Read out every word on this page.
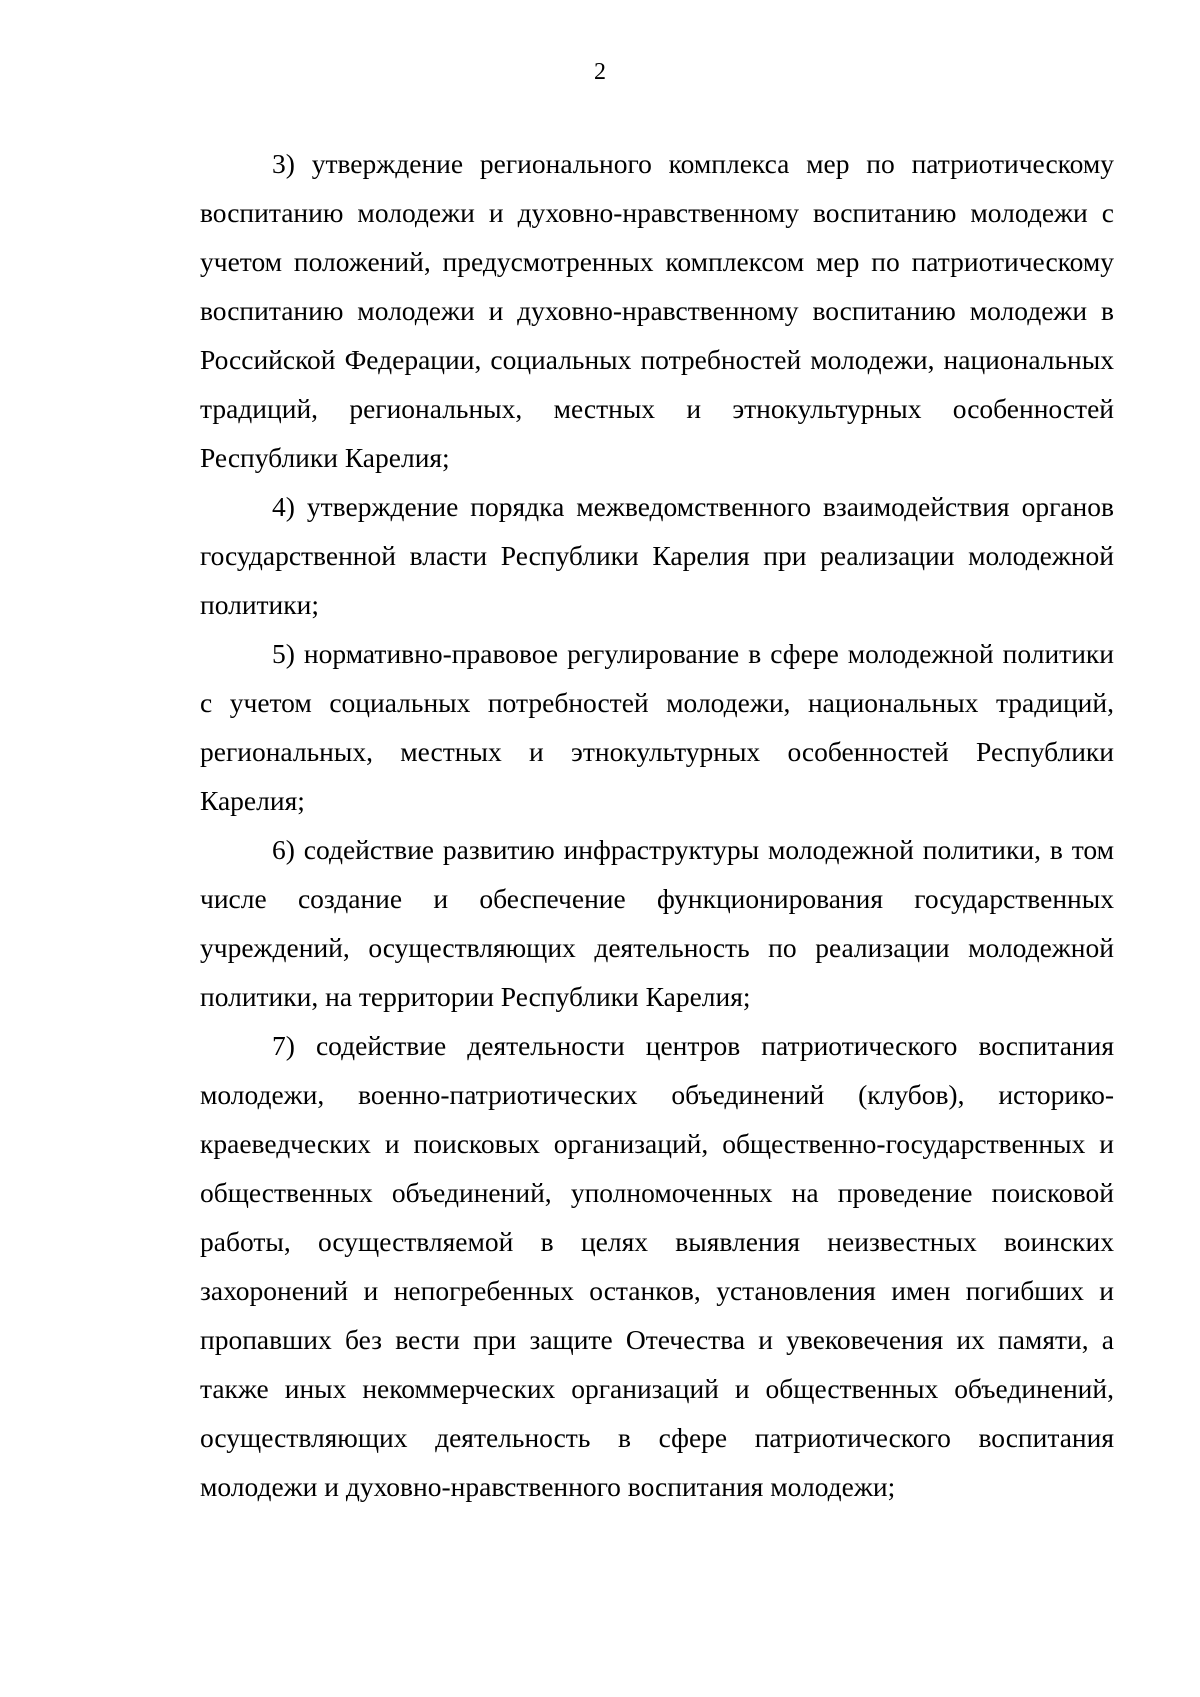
2

3) утверждение регионального комплекса мер по патриотическому воспитанию молодежи и духовно-нравственному воспитанию молодежи с учетом положений, предусмотренных комплексом мер по патриотическому воспитанию молодежи и духовно-нравственному воспитанию молодежи в Российской Федерации, социальных потребностей молодежи, национальных традиций, региональных, местных и этнокультурных особенностей Республики Карелия;

4) утверждение порядка межведомственного взаимодействия органов государственной власти Республики Карелия при реализации молодежной политики;

5) нормативно-правовое регулирование в сфере молодежной политики с учетом социальных потребностей молодежи, национальных традиций, региональных, местных и этнокультурных особенностей Республики Карелия;

6) содействие развитию инфраструктуры молодежной политики, в том числе создание и обеспечение функционирования государственных учреждений, осуществляющих деятельность по реализации молодежной политики, на территории Республики Карелия;

7) содействие деятельности центров патриотического воспитания молодежи, военно-патриотических объединений (клубов), историко-краеведческих и поисковых организаций, общественно-государственных и общественных объединений, уполномоченных на проведение поисковой работы, осуществляемой в целях выявления неизвестных воинских захоронений и непогребенных останков, установления имен погибших и пропавших без вести при защите Отечества и увековечения их памяти, а также иных некоммерческих организаций и общественных объединений, осуществляющих деятельность в сфере патриотического воспитания молодежи и духовно-нравственного воспитания молодежи;
